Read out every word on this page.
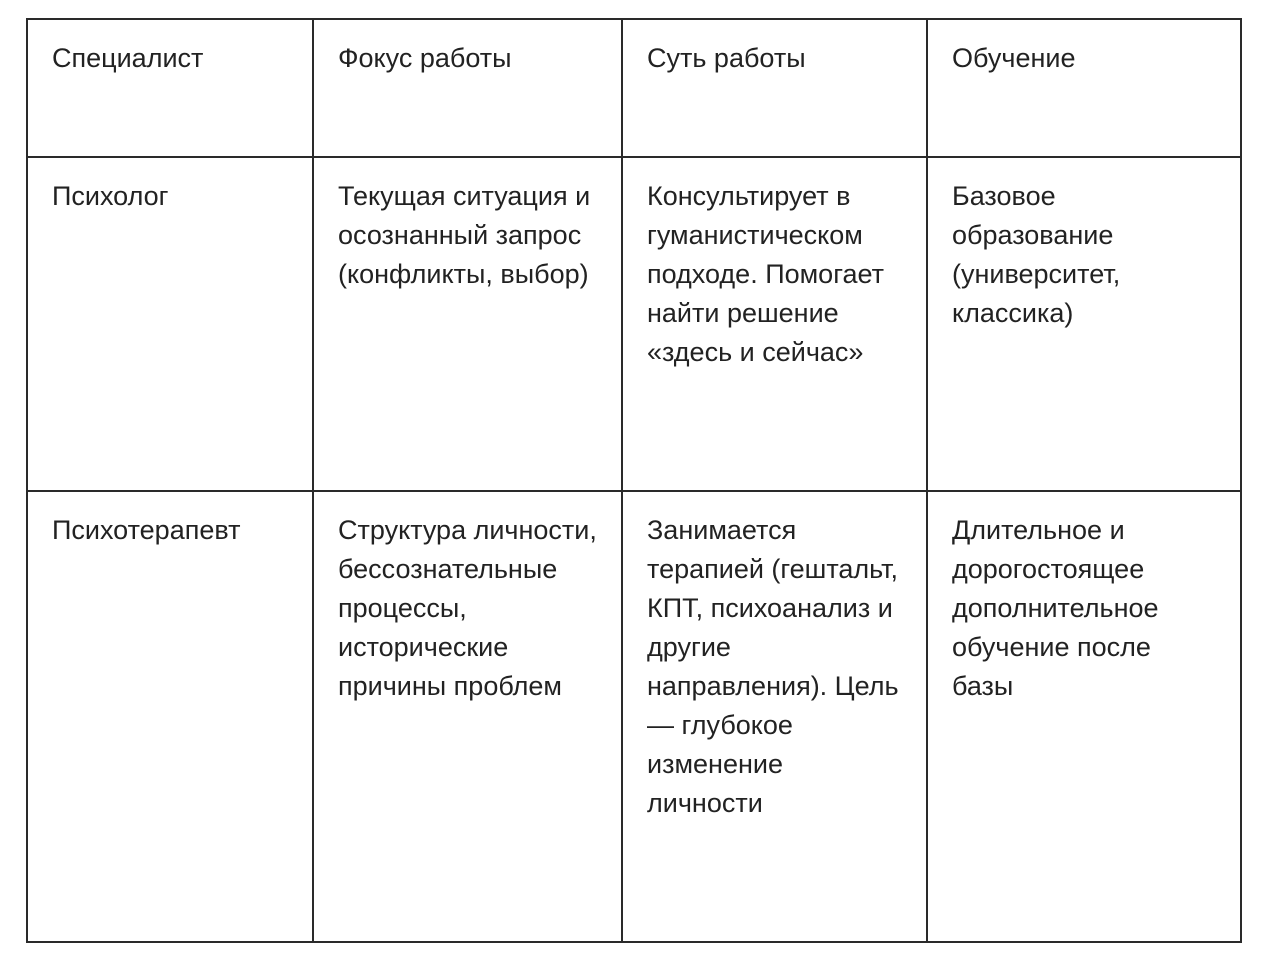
Специалист	Фокус работы	Суть работы	Обучение

Психолог	Текущая ситуация и осознанный запрос (конфликты, выбор)	Консультирует в гуманистическом подходе. Помогает найти решение «здесь и сейчас»	Базовое образование (университет, классика)

Психотерапевт	Структура личности, бессознательные процессы, исторические причины проблем	Занимается терапией (гештальт, КПТ, психоанализ и другие направления). Цель — глубокое изменение личности	Длительное и дорогостоящее дополнительное обучение после базы
